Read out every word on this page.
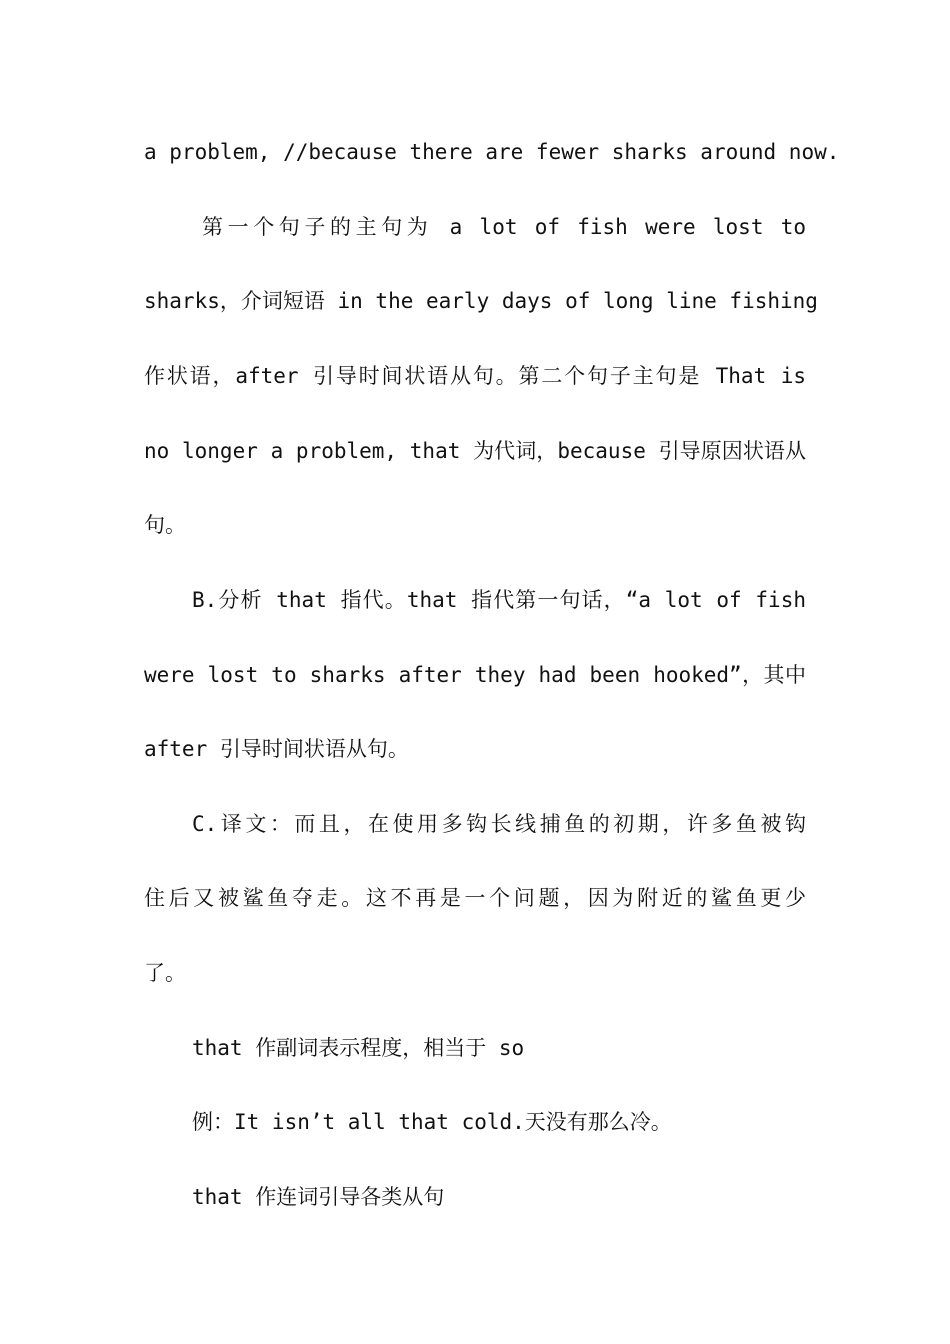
a problem, //because there are fewer sharks around now.
第一个句子的主句为 a lot of fish were lost to
sharks，介词短语 in the early days of long line fishing
作状语，after 引导时间状语从句。第二个句子主句是 That is
no longer a problem, that 为代词，because 引导原因状语从
句。
B.分析 that 指代。that 指代第一句话，“a lot of fish
were lost to sharks after they had been hooked”，其中
after 引导时间状语从句。
C.译文：而且，在使用多钩长线捕鱼的初期，许多鱼被钩
住后又被鲨鱼夺走。这不再是一个问题，因为附近的鲨鱼更少
了。
that 作副词表示程度，相当于 so
例：It isn’t all that cold.天没有那么冷。
that 作连词引导各类从句
